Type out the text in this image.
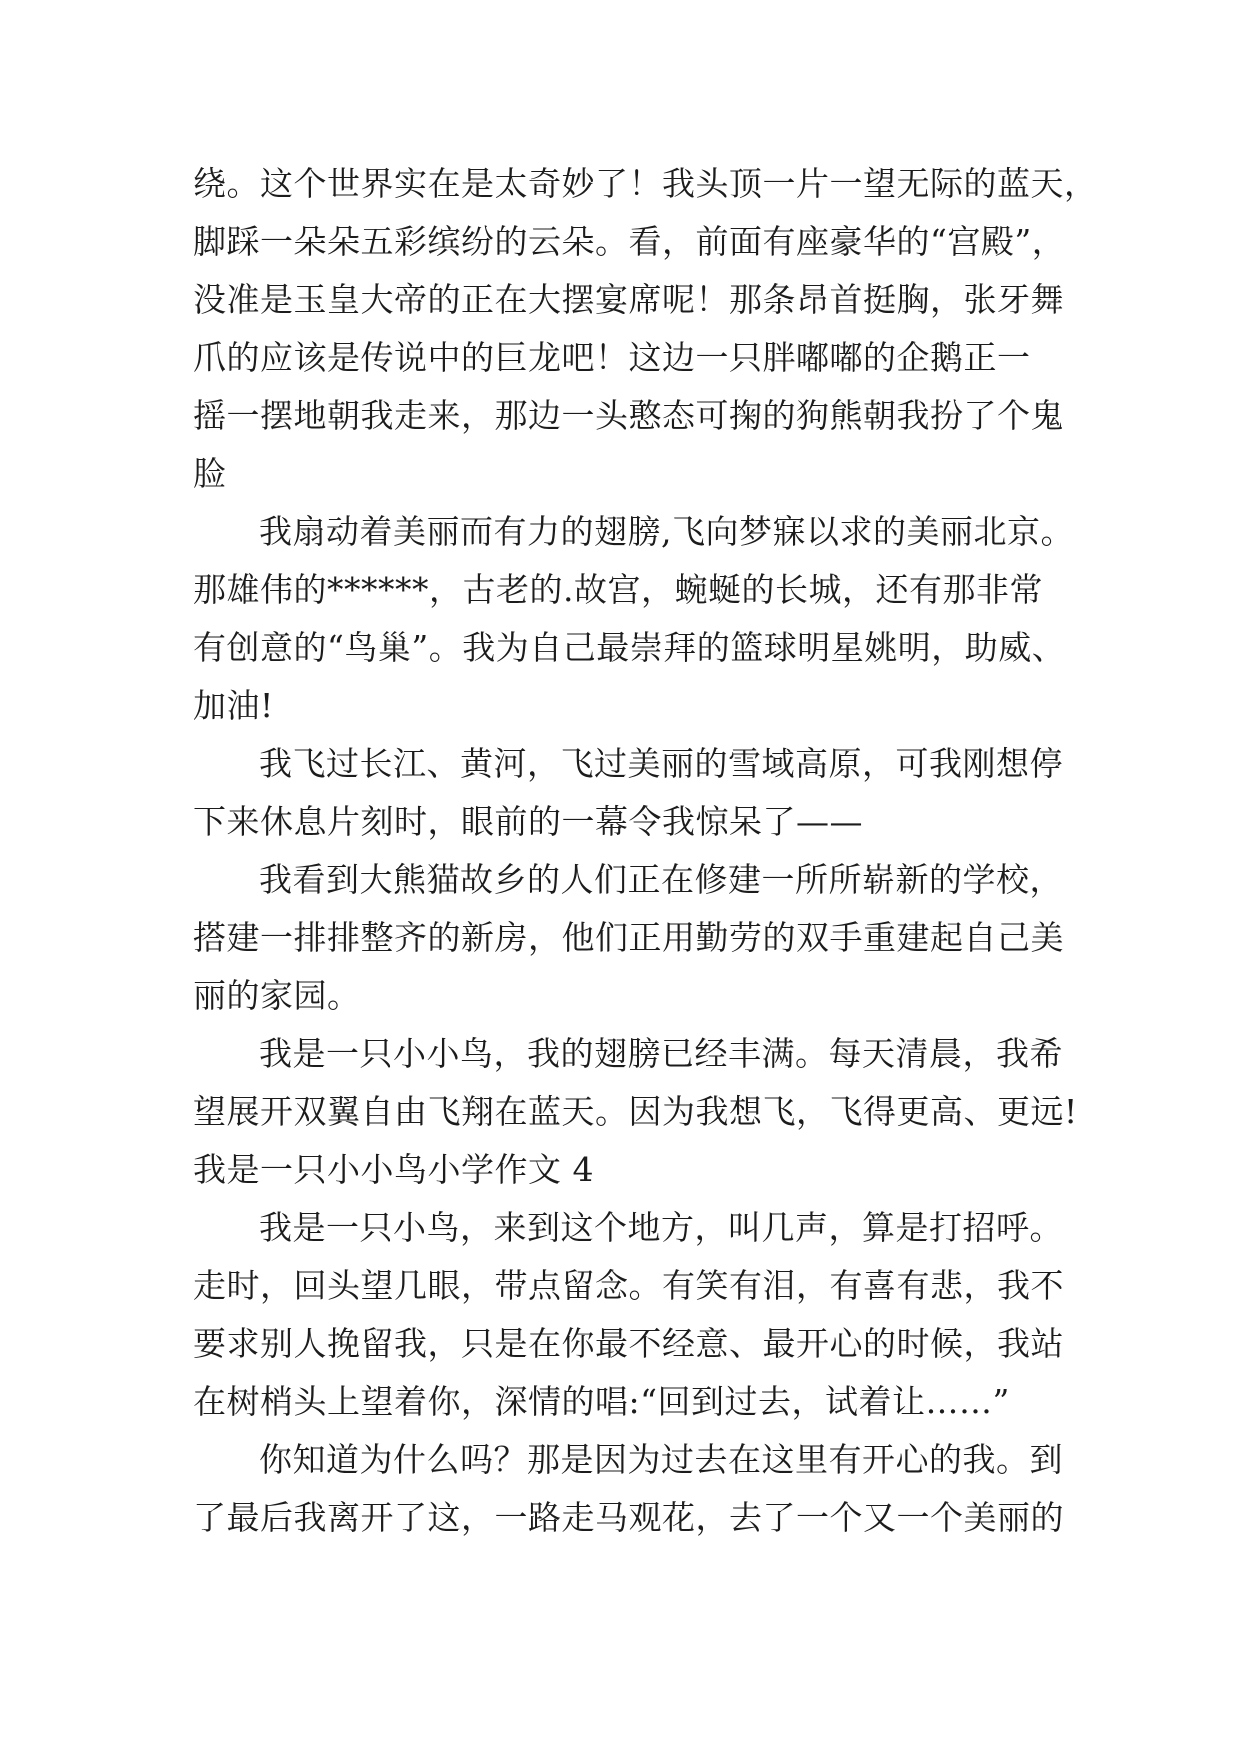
绕。这个世界实在是太奇妙了！我头顶一片一望无际的蓝天，
脚踩一朵朵五彩缤纷的云朵。看，前面有座豪华的“宫殿”，
没准是玉皇大帝的正在大摆宴席呢！那条昂首挺胸，张牙舞
爪的应该是传说中的巨龙吧！这边一只胖嘟嘟的企鹅正一
摇一摆地朝我走来，那边一头憨态可掬的狗熊朝我扮了个鬼
脸
我扇动着美丽而有力的翅膀,飞向梦寐以求的美丽北京。
那雄伟的******，古老的.故宫，蜿蜒的长城，还有那非常
有创意的“鸟巢”。我为自己最崇拜的篮球明星姚明，助威、
加油!
我飞过长江、黄河，飞过美丽的雪域高原，可我刚想停
下来休息片刻时，眼前的一幕令我惊呆了——
我看到大熊猫故乡的人们正在修建一所所崭新的学校，
搭建一排排整齐的新房，他们正用勤劳的双手重建起自己美
丽的家园。
我是一只小小鸟，我的翅膀已经丰满。每天清晨，我希
望展开双翼自由飞翔在蓝天。因为我想飞，飞得更高、更远!
我是一只小小鸟小学作文 4
我是一只小鸟，来到这个地方，叫几声，算是打招呼。
走时，回头望几眼，带点留念。有笑有泪，有喜有悲，我不
要求别人挽留我，只是在你最不经意、最开心的时候，我站
在树梢头上望着你，深情的唱:“回到过去，试着让……”
你知道为什么吗？那是因为过去在这里有开心的我。到
了最后我离开了这，一路走马观花，去了一个又一个美丽的
